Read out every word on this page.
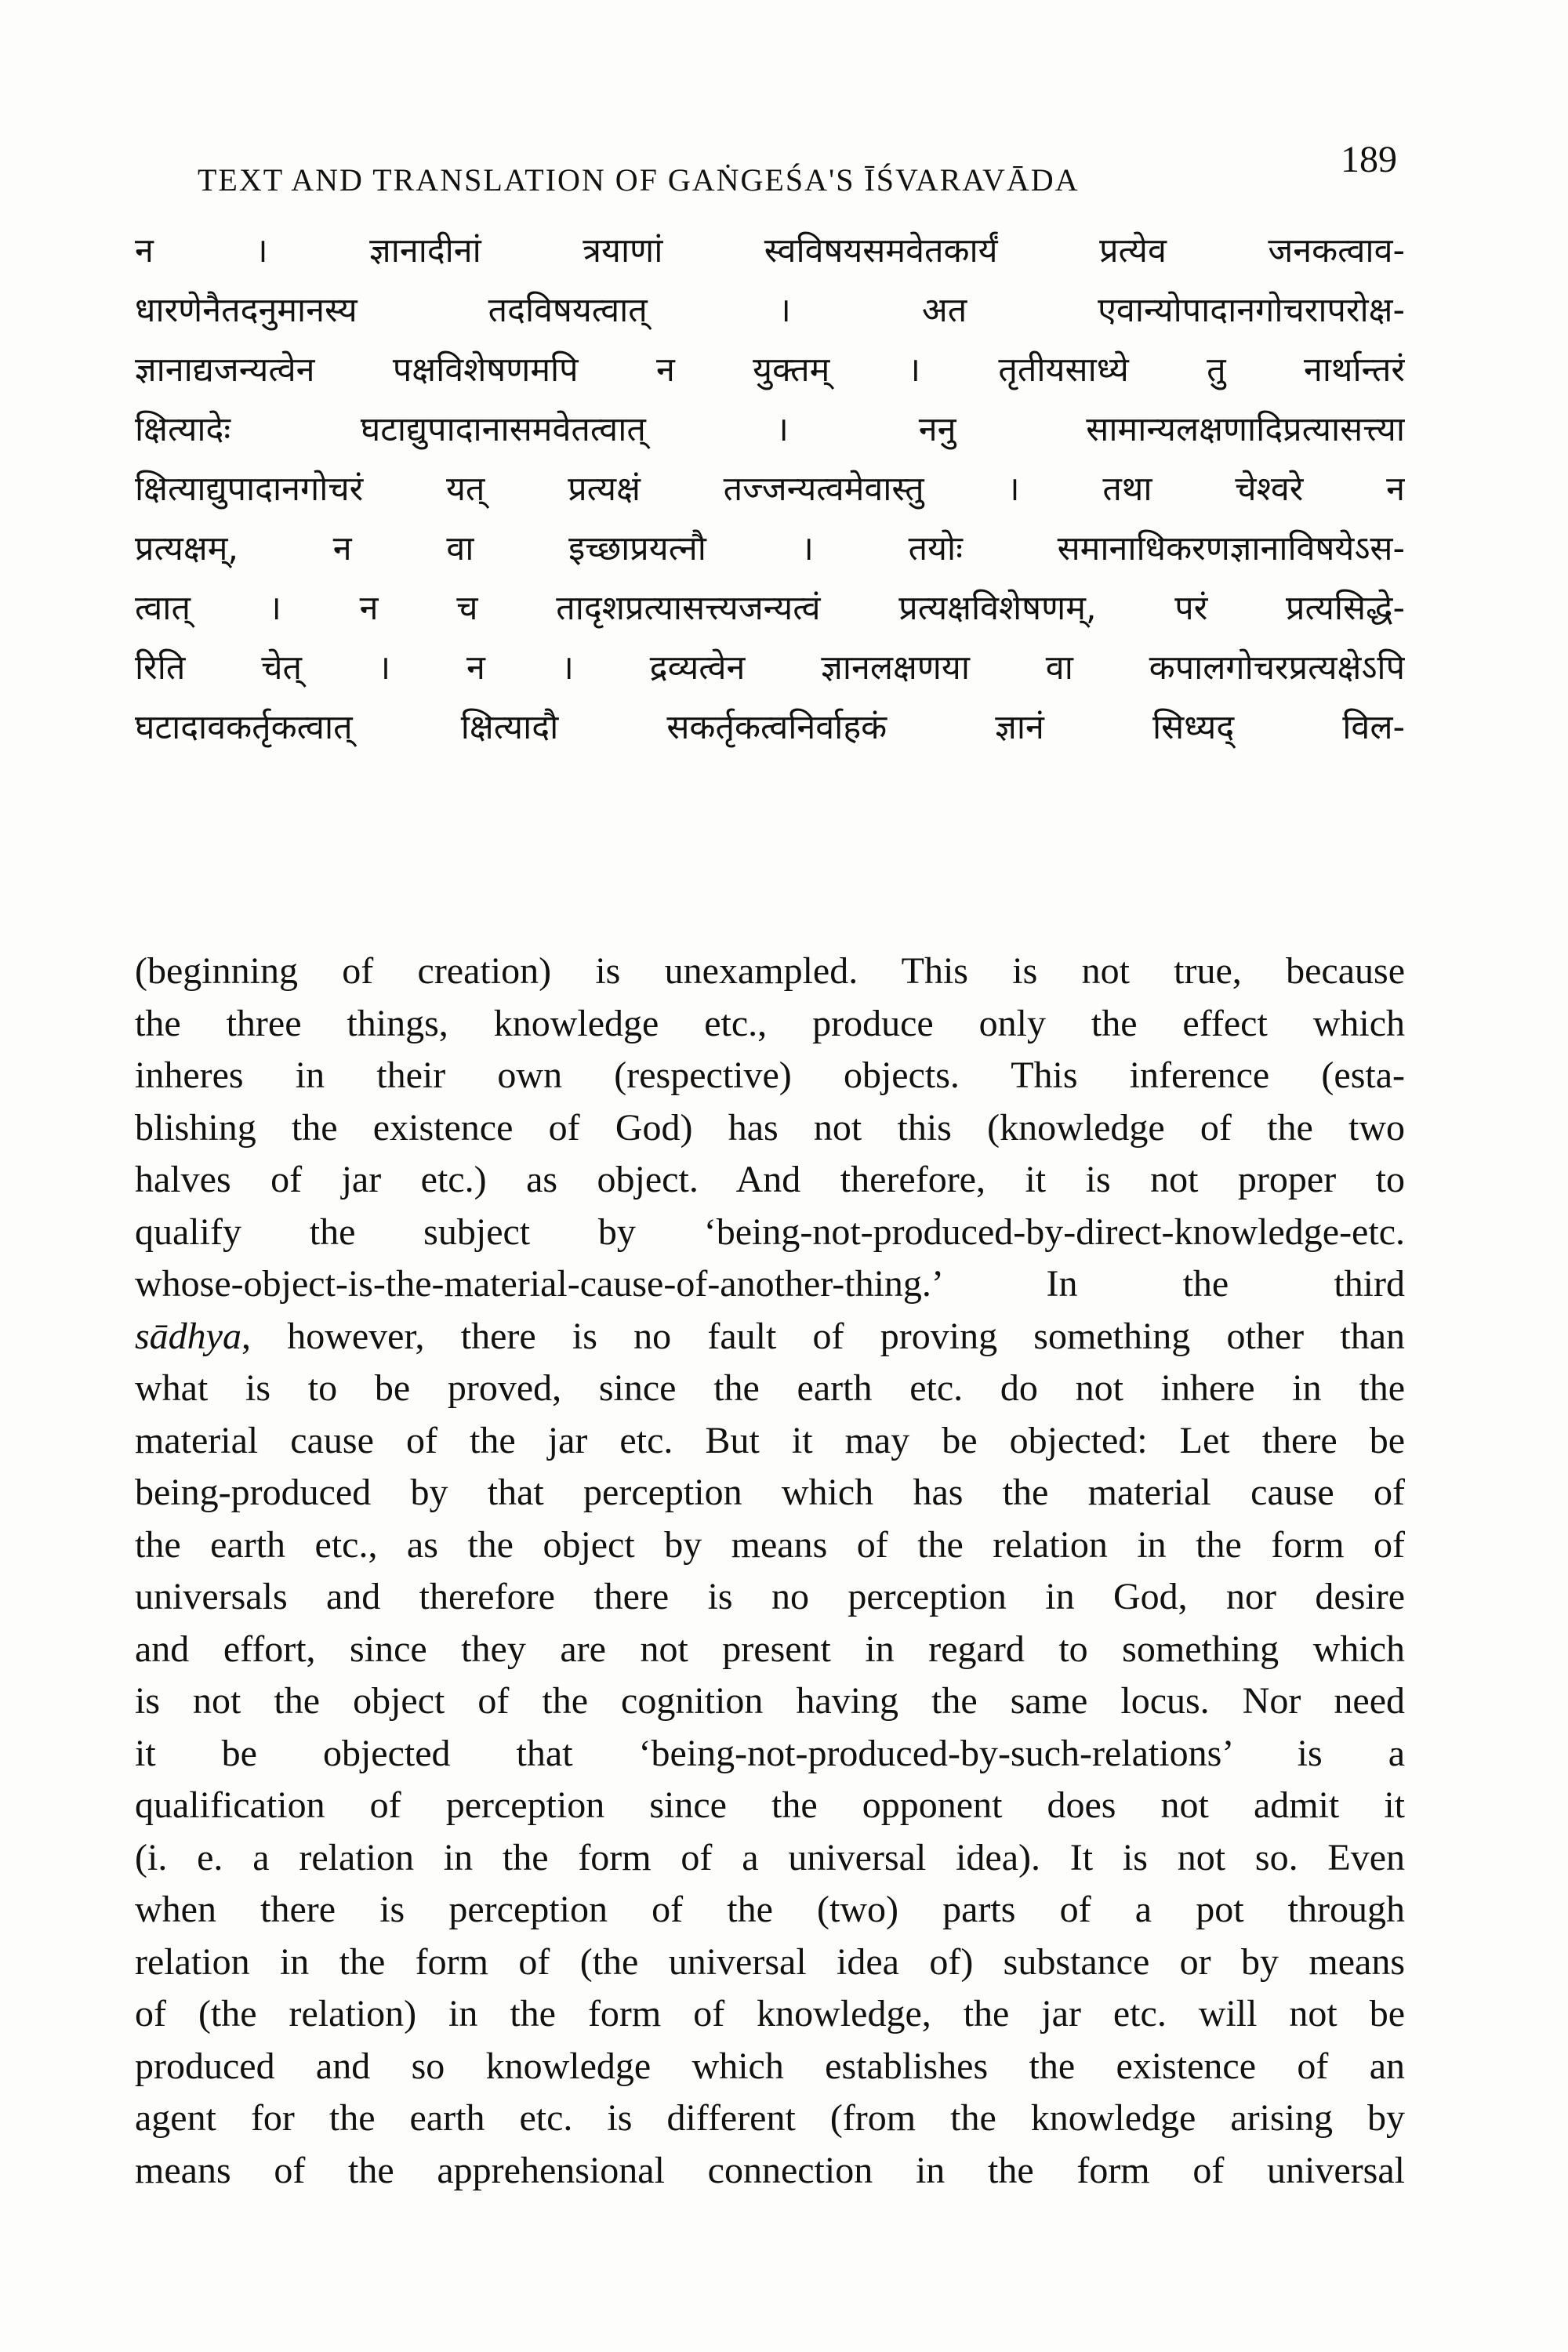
TEXT AND TRANSLATION OF GAṄGEŚA'S ĪŚVARAVĀDA	189
न । ज्ञानादीनां त्रयाणां स्वविषयसमवेतकार्यं प्रत्येव जनकत्वाव-
धारणेनैतदनुमानस्य तदविषयत्वात् । अत एवान्योपादानगोचरापरोक्ष-
ज्ञानाद्यजन्यत्वेन पक्षविशेषणमपि न युक्तम् । तृतीयसाध्ये तु नार्थान्तरं
क्षित्यादेः घटाद्युपादानासमवेतत्वात् । ननु सामान्यलक्षणादिप्रत्यासत्त्या
क्षित्याद्युपादानगोचरं यत् प्रत्यक्षं तज्जन्यत्वमेवास्तु । तथा चेश्वरे न
प्रत्यक्षम्, न वा इच्छाप्रयत्नौ । तयोः समानाधिकरणज्ञानाविषयेऽस-
त्वात् । न च तादृशप्रत्यासत्त्यजन्यत्वं प्रत्यक्षविशेषणम्, परं प्रत्यसिद्धे-
रिति चेत् । न । द्रव्यत्वेन ज्ञानलक्षणया वा कपालगोचरप्रत्यक्षेऽपि
घटादावकर्तृकत्वात् क्षित्यादौ सकर्तृकत्वनिर्वाहकं ज्ञानं सिध्यद् विल-
(beginning of creation) is unexampled. This is not true, because
the three things, knowledge etc., produce only the effect which
inheres in their own (respective) objects. This inference (esta-
blishing the existence of God) has not this (knowledge of the two
halves of jar etc.) as object. And therefore, it is not proper to
qualify the subject by ‘being-not-produced-by-direct-knowledge-etc.
whose-object-is-the-material-cause-of-another-thing.’ In the third
sādhya, however, there is no fault of proving something other than
what is to be proved, since the earth etc. do not inhere in the
material cause of the jar etc. But it may be objected: Let there be
being-produced by that perception which has the material cause of
the earth etc., as the object by means of the relation in the form of
universals and therefore there is no perception in God, nor desire
and effort, since they are not present in regard to something which
is not the object of the cognition having the same locus. Nor need
it be objected that ‘being-not-produced-by-such-relations’ is a
qualification of perception since the opponent does not admit it
(i. e. a relation in the form of a universal idea). It is not so. Even
when there is perception of the (two) parts of a pot through
relation in the form of (the universal idea of) substance or by means
of (the relation) in the form of knowledge, the jar etc. will not be
produced and so knowledge which establishes the existence of an
agent for the earth etc. is different (from the knowledge arising by
means of the apprehensional connection in the form of universal
